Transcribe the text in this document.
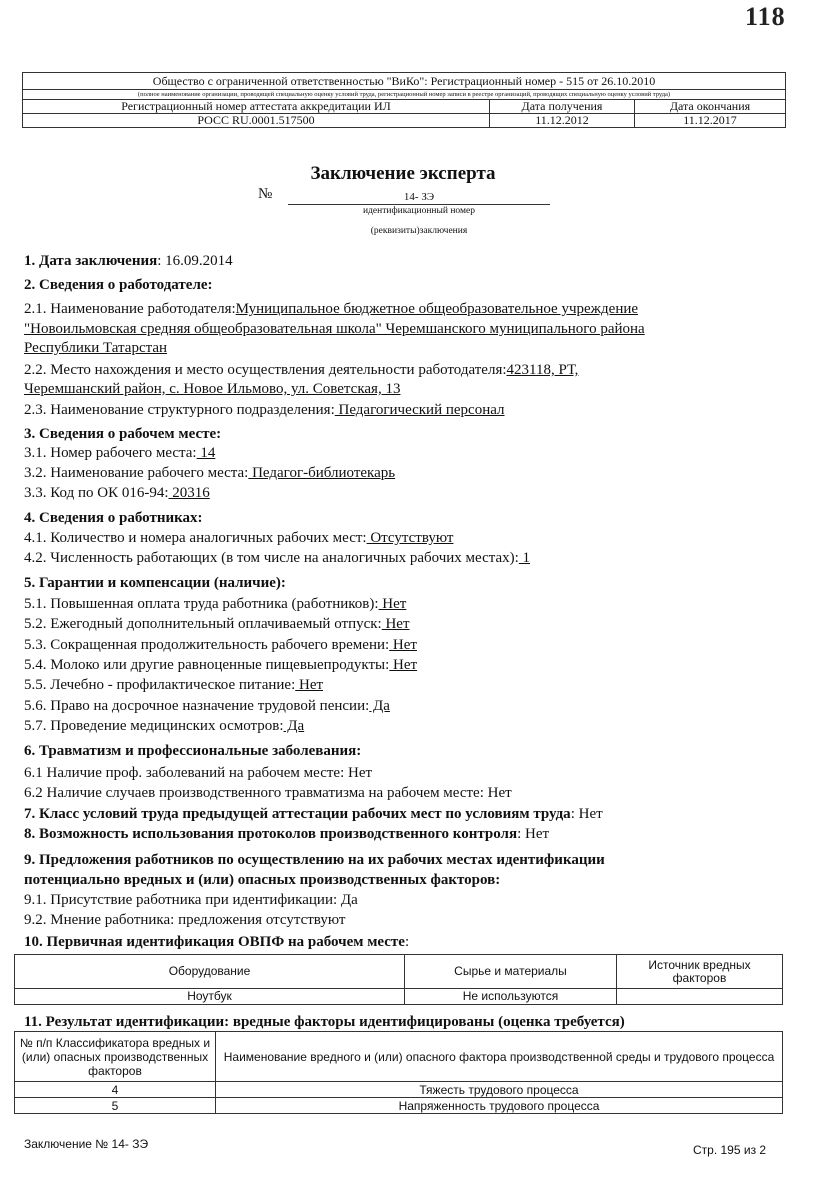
118
Общество с ограниченной ответственностью "ВиКо": Регистрационный номер - 515 от 26.10.2010		
(полное наименование организации, проводящей специальную оценку условий труда, регистрационный номер записи в реестре организаций, проводящих специальную оценку условий труда)		
Регистрационный номер аттестата аккредитации ИЛ	Дата получения	Дата окончания
РОСС RU.0001.517500	11.12.2012	11.12.2017
Заключение эксперта
№	14- ЗЭ
идентификационный номер
(реквизиты)заключения
1. Дата заключения: 16.09.2014
2. Сведения о работодателе:
2.1. Наименование работодателя:Муниципальное бюджетное общеобразовательное учреждение
"Новоильмовская средняя общеобразовательная школа" Черемшанского муниципального района
Республики Татарстан
2.2. Место нахождения и место осуществления деятельности работодателя:423118, РТ,
Черемшанский район, с. Новое Ильмово, ул. Советская, 13
2.3. Наименование структурного подразделения: Педагогический персонал
3. Сведения о рабочем месте:
3.1. Номер рабочего места: 14
3.2. Наименование рабочего места: Педагог-библиотекарь
3.3. Код по ОК 016-94: 20316
4. Сведения о работниках:
4.1. Количество и номера аналогичных рабочих мест: Отсутствуют
4.2. Численность работающих (в том числе на аналогичных рабочих местах): 1
5. Гарантии и компенсации (наличие):
5.1. Повышенная оплата труда работника (работников): Нет
5.2. Ежегодный дополнительный оплачиваемый отпуск: Нет
5.3. Сокращенная продолжительность рабочего времени: Нет
5.4. Молоко или другие равноценные пищевыепродукты: Нет
5.5. Лечебно - профилактическое питание: Нет
5.6. Право на досрочное назначение трудовой пенсии: Да
5.7. Проведение медицинских осмотров: Да
6. Травматизм и профессиональные заболевания:
6.1 Наличие проф. заболеваний на рабочем месте: Нет
6.2 Наличие случаев производственного травматизма на рабочем месте: Нет
7. Класс условий труда предыдущей аттестации рабочих мест по условиям труда: Нет
8. Возможность использования протоколов производственного контроля: Нет
9. Предложения работников по осуществлению на их рабочих местах идентификации
потенциально вредных и (или) опасных производственных факторов:
9.1. Присутствие работника при идентификации: Да
9.2. Мнение работника: предложения отсутствуют
10. Первичная идентификация ОВПФ на рабочем месте:
Оборудование	Сырье и материалы	Источник вредных факторов
Ноутбук	Не используются	
11. Результат идентификации: вредные факторы идентифицированы (оценка требуется)
№ п/п Классификатора вредных и (или) опасных производственных факторов	Наименование вредного и (или) опасного фактора производственной среды и трудового процесса
4	Тяжесть трудового процесса
5	Напряженность трудового процесса
Заключение № 14- ЗЭ	Стр. 195 из 2
